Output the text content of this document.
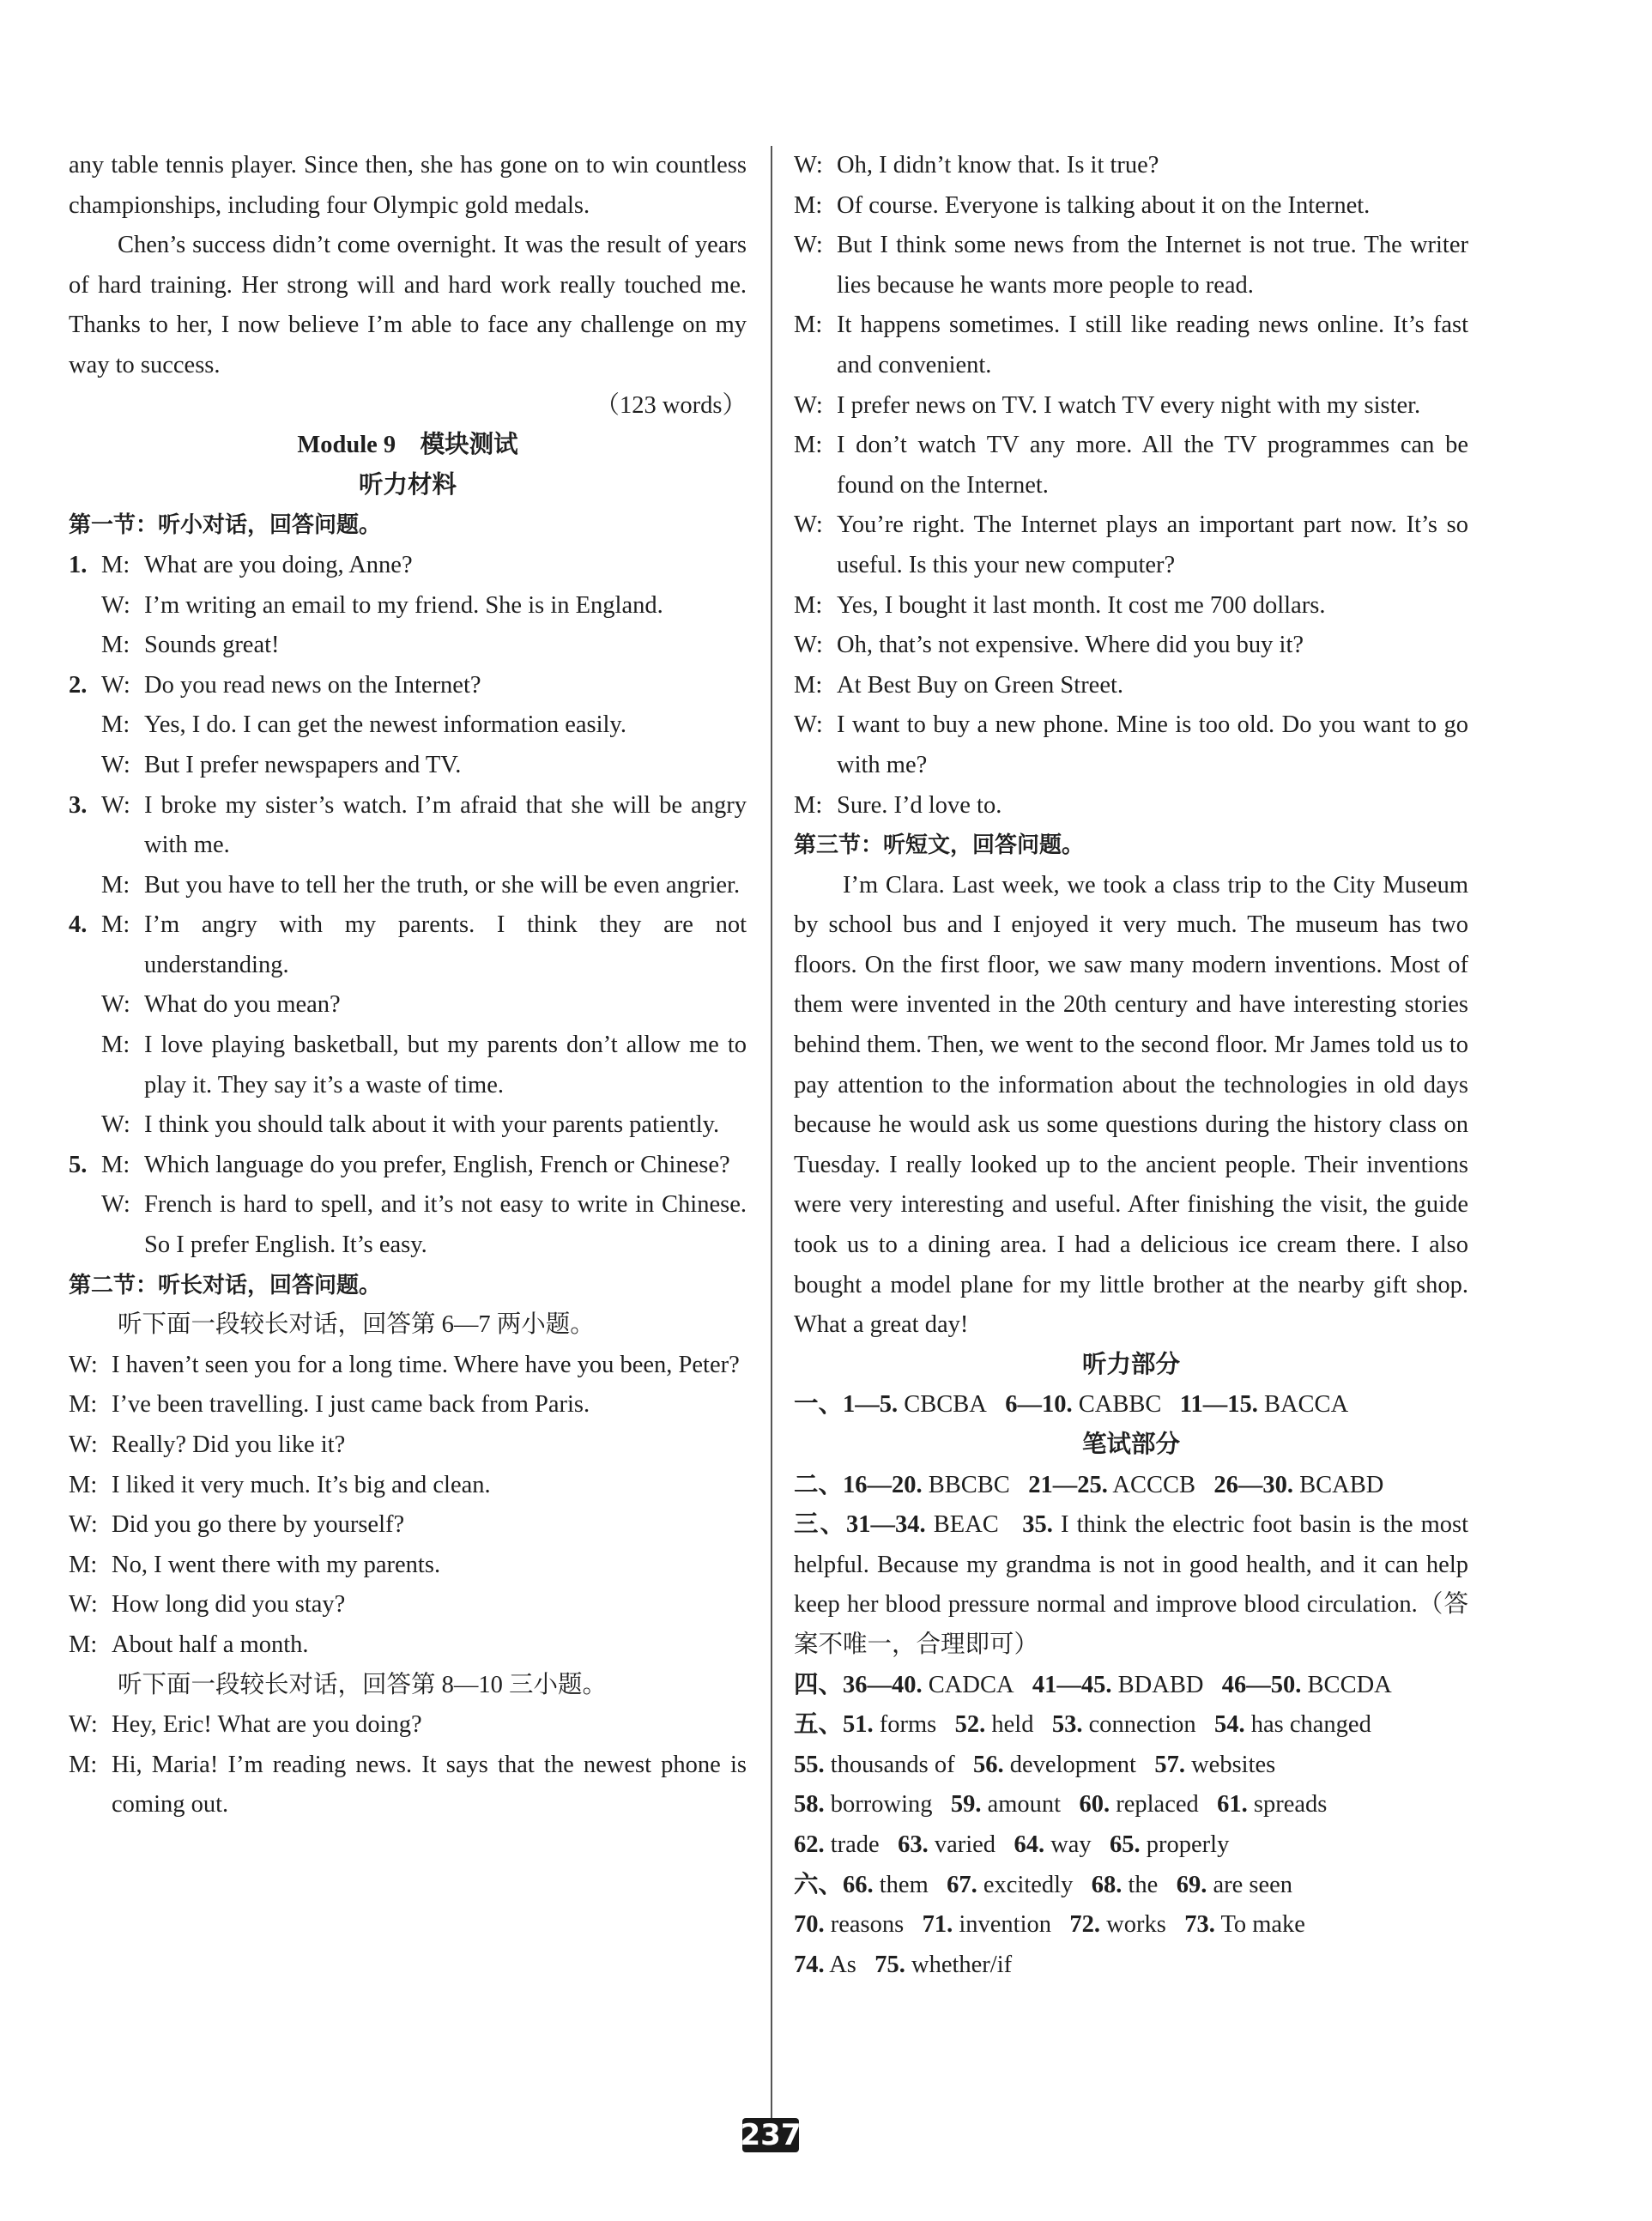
any table tennis player. Since then, she has gone on to win countless championships, including four Olympic gold medals.
Chen’s success didn’t come overnight. It was the result of years of hard training. Her strong will and hard work really touched me. Thanks to her, I now believe I’m able to face any challenge on my way to success.
（123 words）
Module 9　模块测试
听力材料
第一节：听小对话，回答问题。
1. M: What are you doing, Anne?
W: I’m writing an email to my friend. She is in England.
M: Sounds great!
2. W: Do you read news on the Internet?
M: Yes, I do. I can get the newest information easily.
W: But I prefer newspapers and TV.
3. W: I broke my sister’s watch. I’m afraid that she will be angry with me.
M: But you have to tell her the truth, or she will be even angrier.
4. M: I’m angry with my parents. I think they are not understanding.
W: What do you mean?
M: I love playing basketball, but my parents don’t allow me to play it. They say it’s a waste of time.
W: I think you should talk about it with your parents patiently.
5. M: Which language do you prefer, English, French or Chinese?
W: French is hard to spell, and it’s not easy to write in Chinese. So I prefer English. It’s easy.
第二节：听长对话，回答问题。
听下面一段较长对话，回答第 6—7 两小题。
W: I haven’t seen you for a long time. Where have you been, Peter?
M: I’ve been travelling. I just came back from Paris.
W: Really? Did you like it?
M: I liked it very much. It’s big and clean.
W: Did you go there by yourself?
M: No, I went there with my parents.
W: How long did you stay?
M: About half a month.
听下面一段较长对话，回答第 8—10 三小题。
W: Hey, Eric! What are you doing?
M: Hi, Maria! I’m reading news. It says that the newest phone is coming out.
W: Oh, I didn’t know that. Is it true?
M: Of course. Everyone is talking about it on the Internet.
W: But I think some news from the Internet is not true. The writer lies because he wants more people to read.
M: It happens sometimes. I still like reading news online. It’s fast and convenient.
W: I prefer news on TV. I watch TV every night with my sister.
M: I don’t watch TV any more. All the TV programmes can be found on the Internet.
W: You’re right. The Internet plays an important part now. It’s so useful. Is this your new computer?
M: Yes, I bought it last month. It cost me 700 dollars.
W: Oh, that’s not expensive. Where did you buy it?
M: At Best Buy on Green Street.
W: I want to buy a new phone. Mine is too old. Do you want to go with me?
M: Sure. I’d love to.
第三节：听短文，回答问题。
I’m Clara. Last week, we took a class trip to the City Museum by school bus and I enjoyed it very much. The museum has two floors. On the first floor, we saw many modern inventions. Most of them were invented in the 20th century and have interesting stories behind them. Then, we went to the second floor. Mr James told us to pay attention to the information about the technologies in old days because he would ask us some questions during the history class on Tuesday. I really looked up to the ancient people. Their inventions were very interesting and useful. After finishing the visit, the guide took us to a dining area. I had a delicious ice cream there. I also bought a model plane for my little brother at the nearby gift shop. What a great day!
听力部分
一、1—5. CBCBA 6—10. CABBC 11—15. BACCA
笔试部分
二、16—20. BBCBC 21—25. ACCCB 26—30. BCABD
三、31—34. BEAC 35. I think the electric foot basin is the most helpful. Because my grandma is not in good health, and it can help keep her blood pressure normal and improve blood circulation.（答案不唯一，合理即可）
四、36—40. CADCA 41—45. BDABD 46—50. BCCDA
五、51. forms 52. held 53. connection 54. has changed
55. thousands of 56. development 57. websites
58. borrowing 59. amount 60. replaced 61. spreads
62. trade 63. varied 64. way 65. properly
六、66. them 67. excitedly 68. the 69. are seen
70. reasons 71. invention 72. works 73. To make
74. As 75. whether/if
237
